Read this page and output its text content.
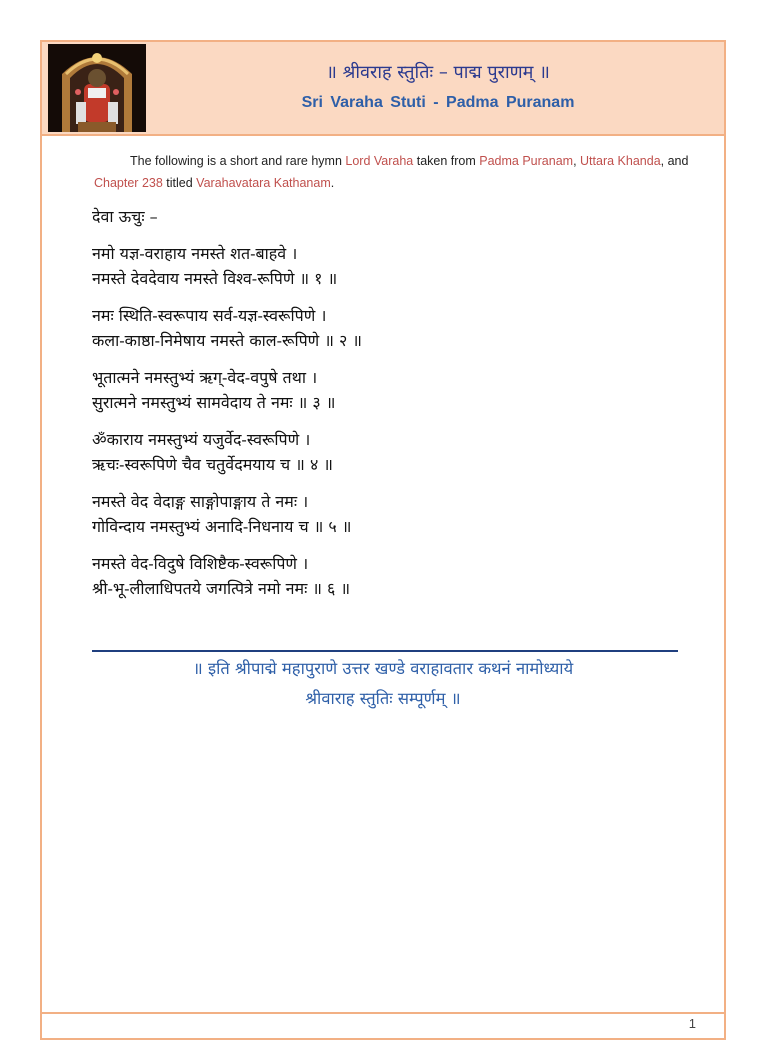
॥ श्रीवराह स्तुतिः – पाद्म पुराणम् ॥
Sri Varaha Stuti - Padma Puranam
The following is a short and rare hymn Lord Varaha taken from Padma Puranam, Uttara Khanda, and Chapter 238 titled Varahavatara Kathanam.
देवा ऊचुः –
नमो यज्ञ-वराहाय नमस्ते शत-बाहवे ।
नमस्ते देवदेवाय नमस्ते विश्व-रूपिणे ॥ १ ॥
नमः स्थिति-स्वरूपाय सर्व-यज्ञ-स्वरूपिणे ।
कला-काष्ठा-निमेषाय नमस्ते काल-रूपिणे ॥ २ ॥
भूतात्मने नमस्तुभ्यं ऋग्-वेद-वपुषे तथा ।
सुरात्मने नमस्तुभ्यं सामवेदाय ते नमः ॥ ३ ॥
ॐकाराय नमस्तुभ्यं यजुर्वेद-स्वरूपिणे ।
ऋचः-स्वरूपिणे चैव चतुर्वेदमयाय च ॥ ४ ॥
नमस्ते वेद वेदाङ्ग साङ्गोपाङ्गाय ते नमः ।
गोविन्दाय नमस्तुभ्यं अनादि-निधनाय च ॥ ५ ॥
नमस्ते वेद-विदुषे विशिष्टैक-स्वरूपिणे ।
श्री-भू-लीलाधिपतये जगत्पित्रे नमो नमः ॥ ६ ॥
॥ इति श्रीपाद्मे महापुराणे उत्तर खण्डे वराहावतार कथनं नामोध्याये
श्रीवाराह स्तुतिः सम्पूर्णम् ॥
1
